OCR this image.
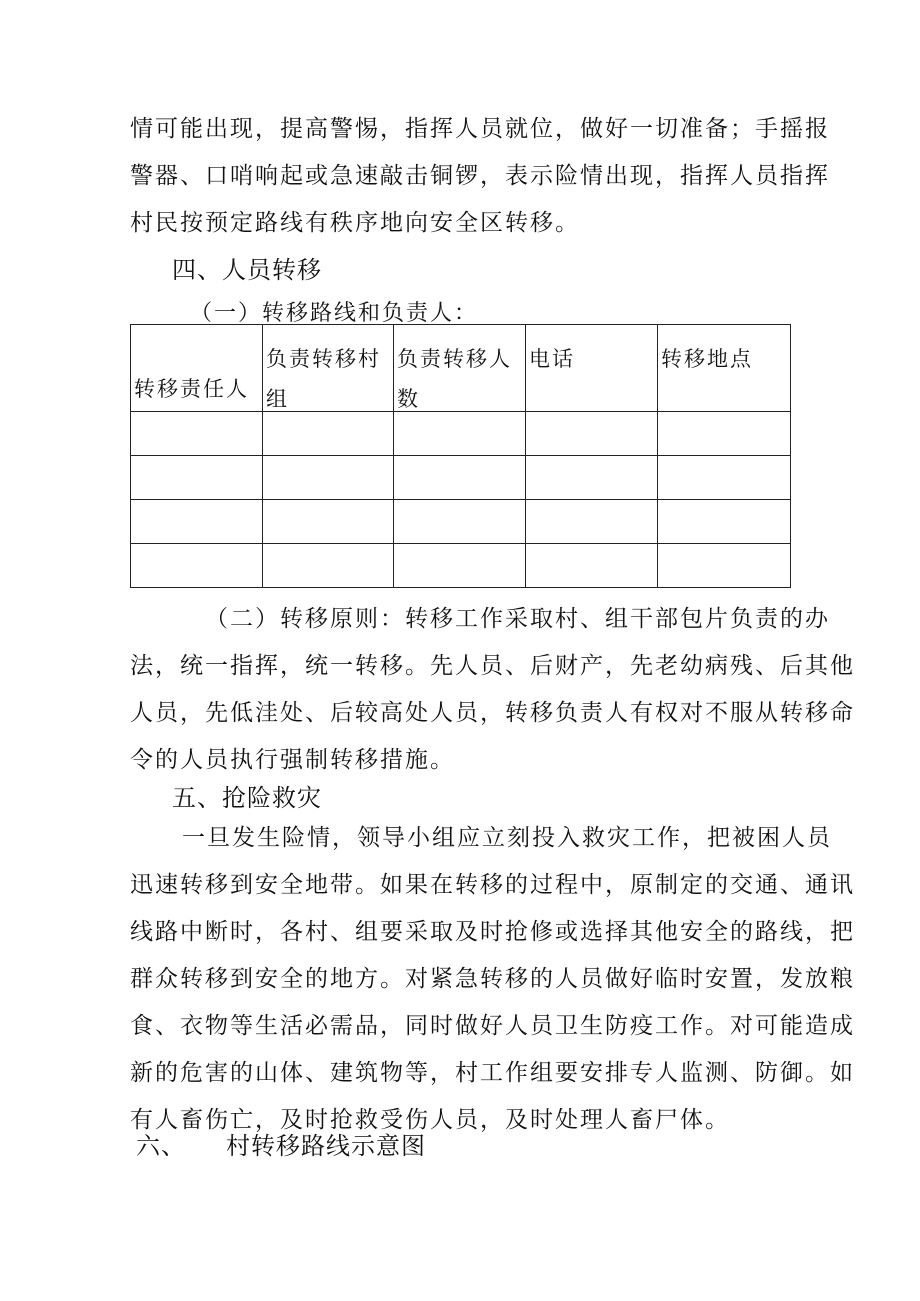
情可能出现，提高警惕，指挥人员就位，做好一切准备；手摇报
警器、口哨响起或急速敲击铜锣，表示险情出现，指挥人员指挥
村民按预定路线有秩序地向安全区转移。
四、人员转移
（一）转移路线和负责人：
转移责任人	负责转移村组	负责转移人数	电话	转移地点

（二）转移原则：转移工作采取村、组干部包片负责的办
法，统一指挥，统一转移。先人员、后财产，先老幼病残、后其他
人员，先低洼处、后较高处人员，转移负责人有权对不服从转移命
令的人员执行强制转移措施。
五、抢险救灾
一旦发生险情，领导小组应立刻投入救灾工作，把被困人员
迅速转移到安全地带。如果在转移的过程中，原制定的交通、通讯
线路中断时，各村、组要采取及时抢修或选择其他安全的路线，把
群众转移到安全的地方。对紧急转移的人员做好临时安置，发放粮
食、衣物等生活必需品，同时做好人员卫生防疫工作。对可能造成
新的危害的山体、建筑物等，村工作组要安排专人监测、防御。如
有人畜伤亡，及时抢救受伤人员，及时处理人畜尸体。
六、 村转移路线示意图
